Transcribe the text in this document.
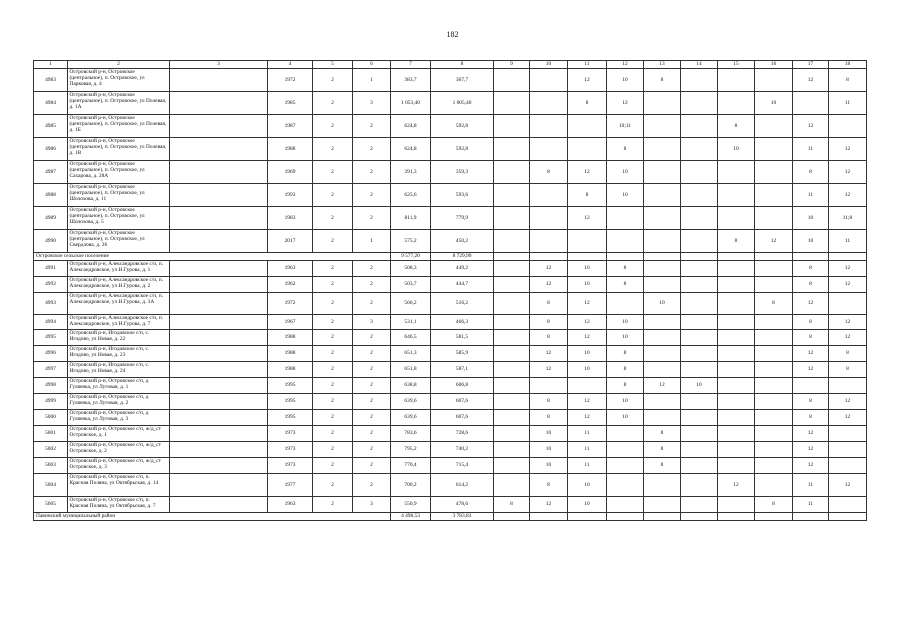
182
1	2	3	4	5	6	7	8	9	10	11	12	13	14	15	16	17	18
4983	Островский р-н, Островское (центральное), п. Островское, ул Парковая, д. 4		1972	2	1	383,7	367,7			12	10	8				12	8
4984	Островский р-н, Островское (центральное), п. Островское, ул Полевая, д. 1А		1985	2	3	1 053,40	1 005,40			8	12				10		11
4985	Островский р-н, Островское (центральное), п. Островское, ул Полевая, д. 1Б		1987	2	2	624,8	592,8				10;11			8		12	
4986	Островский р-н, Островское (центральное), п. Островское, ул Полевая, д. 1В		1988	2	2	624,8	592,8				8			10		11	12
4987	Островский р-н, Островское (центральное), п. Островское, ул Сахарова, д. 28А		1969	2	2	391,3	359,3		8	12	10					8	12
4988	Островский р-н, Островское (центральное), п. Островское, ул Шолохова, д. 11		1993	2	2	625,6	593,6			8	10					11	12
4989	Островский р-н, Островское (центральное), п. Островское, ул Шолохова, д. 5		1983	2	2	811,9	779,9			12						10	11;8
4990	Островский р-н, Островское (центральное), п. Островское, ул Свердлова, д. 26		2017	2	1	575,2	450,2							8	12	10	11
Островское сельское поселение						9 577,20	8 729,90										
4991	Островский р-н, Александровское с/п, п. Александровское, ул Н.Гурова, д. 1		1963	2	2	508,3	449,2		12	10	8					8	12
4992	Островский р-н, Александровское с/п, п. Александровское, ул Н.Гурова, д. 2		1962	2	2	503,7	444,7		12	10	8					8	12
4993	Островский р-н, Александровское с/п, п. Александровское, ул Н.Гурова, д. 3А		1972	2	2	566,2	516,2		8	12		10			8	12	
4994	Островский р-н, Александровское с/п, п. Александровское, ул Н.Гурова, д. 7		1967	2	3	531,1	466,3		8	12	10					8	12
4995	Островский р-н, Игодовское с/п, с. Игодово, ул Новая, д. 22		1988	2	2	646,5	581,5		8	12	10					8	12
4996	Островский р-н, Игодовское с/п, с. Игодово, ул Новая, д. 23		1988	2	2	651,3	585,9		12	10	8					12	8
4997	Островский р-н, Игодовское с/п, с. Игодово, ул Новая, д. 24		1988	2	2	651,8	587,1		12	10	8					12	8
4998	Островский р-н, Островское с/п, д Гуляевка, ул Луговая, д. 1		1995	2	2	638,8	606,8				8	12	10				
4999	Островский р-н, Островское с/п, д Гуляевка, ул Луговая, д. 2		1995	2	2	639,6	607,6		8	12	10					8	12
5000	Островский р-н, Островское с/п, д Гуляевка, ул Луговая, д. 3		1995	2	2	639,6	607,6		8	12	10					8	12
5001	Островский р-н, Островское с/п, ж/д_ст Островское, д. 1		1973	2	2	783,6	728,6		10	11		8				12	
5002	Островский р-н, Островское с/п, ж/д_ст Островское, д. 2		1973	2	2	795,2	740,2		10	11		8				12	
5003	Островский р-н, Островское с/п, ж/д_ст Островское, д. 3		1973	2	2	770,4	715,4		10	11		8				12	
5004	Островский р-н, Островское с/п, п. Красная Поляна, ул Октябрьская, д. 14		1977	2	2	700,2	614,2		8	10				12		11	12
5005	Островский р-н, Островское с/п, п. Красная Поляна, ул Октябрьская, д. 7		1963	2	3	550,9	478,6	8	12	10					8	11	
Павинский муниципальный район						4 498,53	3 783,83										
